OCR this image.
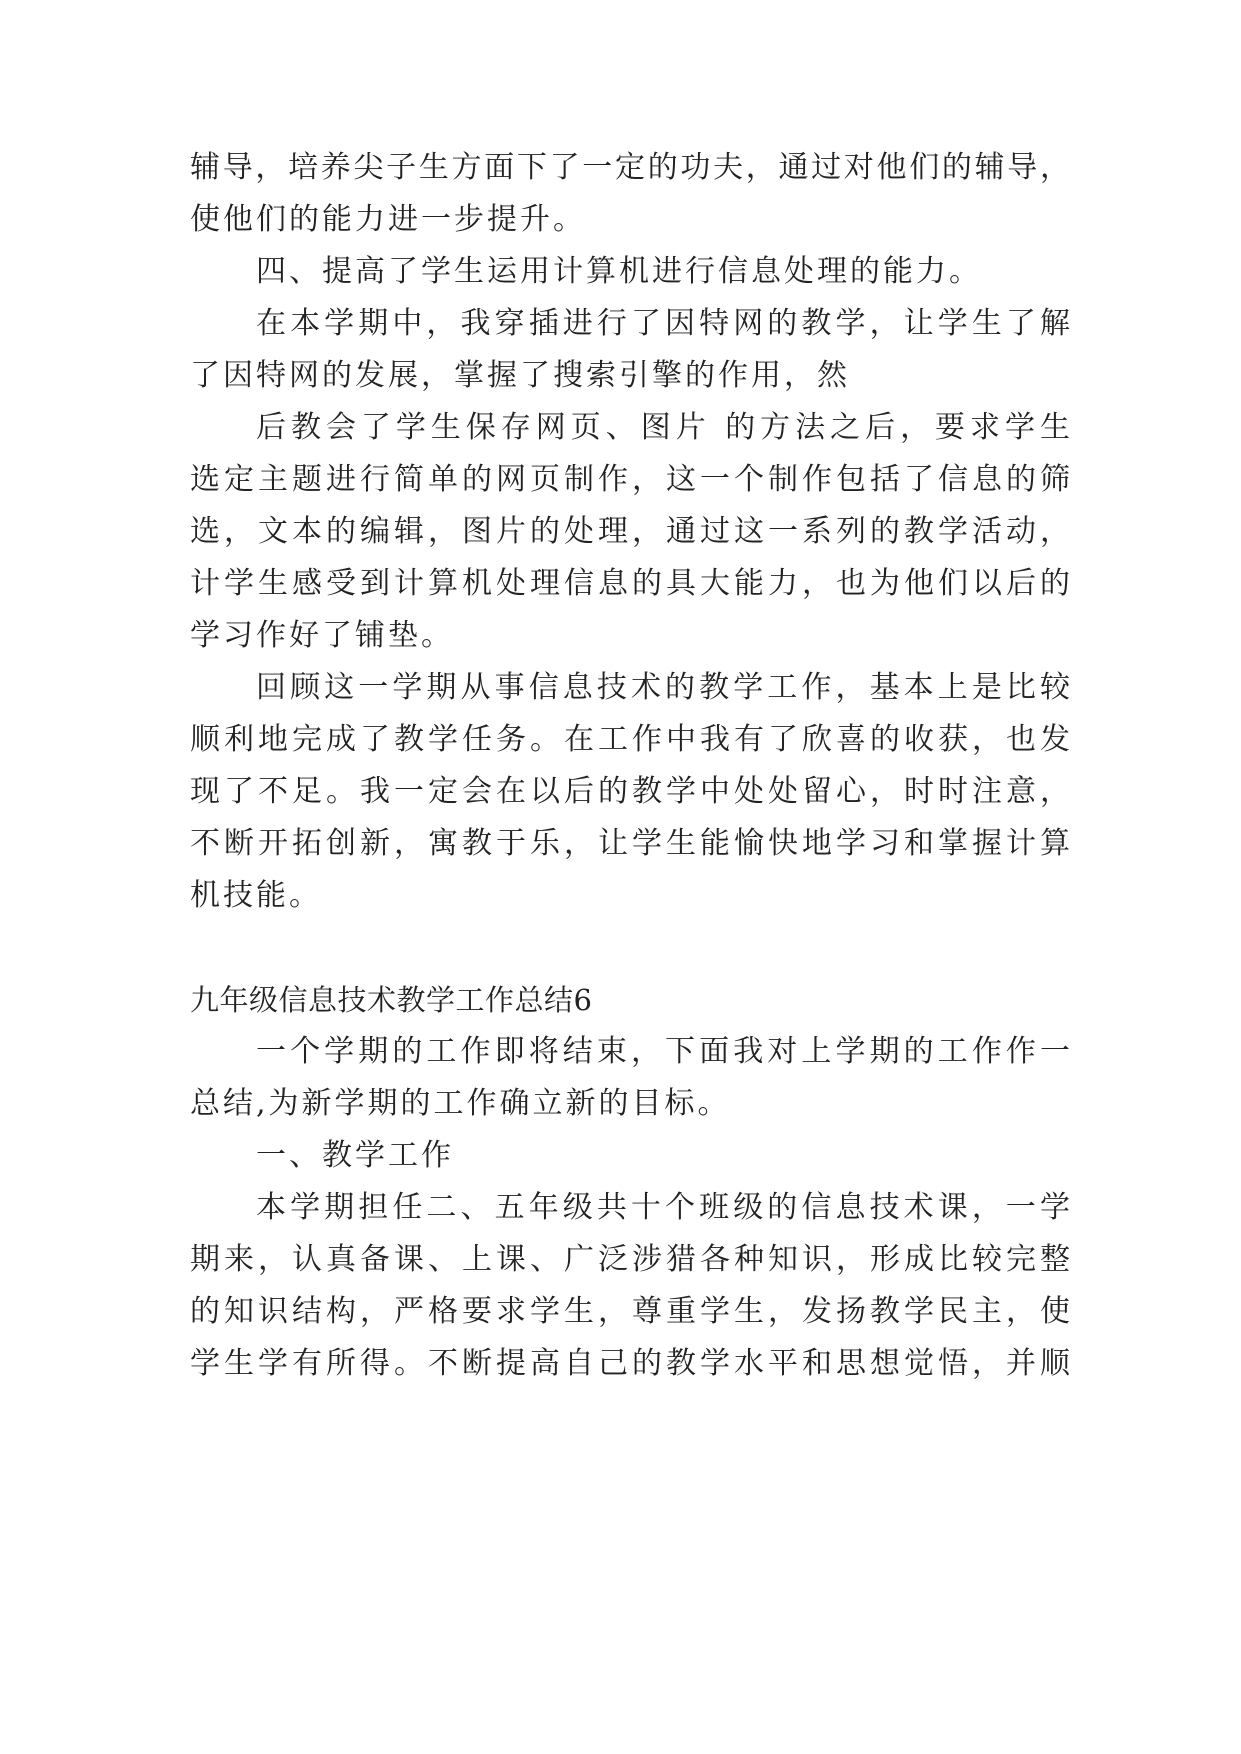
辅导，培养尖子生方面下了一定的功夫，通过对他们的辅导，
使他们的能力进一步提升。
四、提高了学生运用计算机进行信息处理的能力。
在本学期中，我穿插进行了因特网的教学，让学生了解
了因特网的发展，掌握了搜索引擎的作用，然
后教会了学生保存网页、图片 的方法之后，要求学生
选定主题进行简单的网页制作，这一个制作包括了信息的筛
选，文本的编辑，图片的处理，通过这一系列的教学活动，
计学生感受到计算机处理信息的具大能力，也为他们以后的
学习作好了铺垫。
回顾这一学期从事信息技术的教学工作，基本上是比较
顺利地完成了教学任务。在工作中我有了欣喜的收获，也发
现了不足。我一定会在以后的教学中处处留心，时时注意，
不断开拓创新，寓教于乐，让学生能愉快地学习和掌握计算
机技能。
九年级信息技术教学工作总结6
一个学期的工作即将结束，下面我对上学期的工作作一
总结,为新学期的工作确立新的目标。
一、教学工作
本学期担任二、五年级共十个班级的信息技术课，一学
期来，认真备课、上课、广泛涉猎各种知识，形成比较完整
的知识结构，严格要求学生，尊重学生，发扬教学民主，使
学生学有所得。不断提高自己的教学水平和思想觉悟，并顺
